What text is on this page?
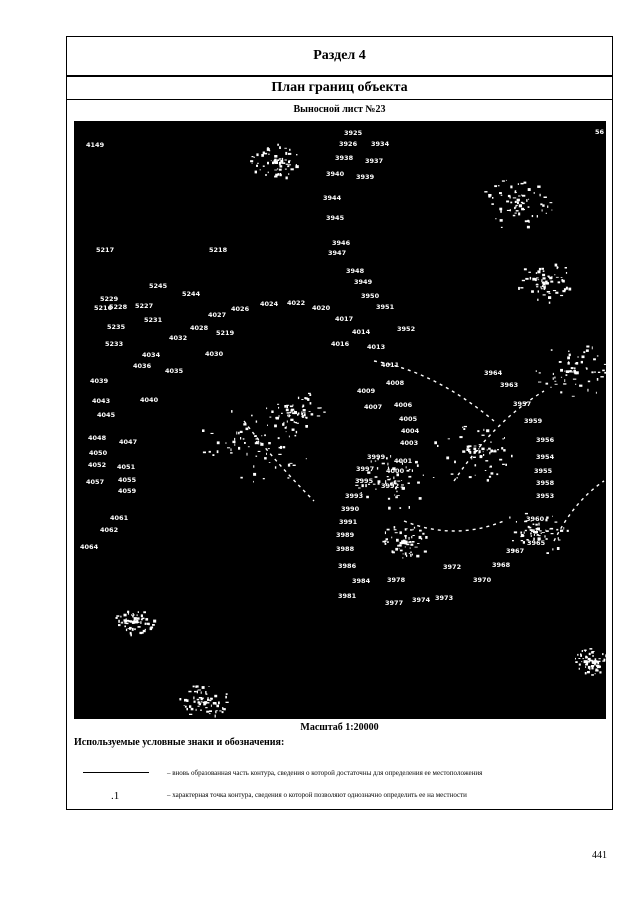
Раздел 4
План границ объекта
Выносной лист №23
4149
56
3925
3926 3934
3938 3937
3940 3939
3944
3945
3946
3947
3948
3949
3950
3951
3952
5217	5218
5245
5244
5229
5216	5227
5228
5231
4027
4026
4024 4022
4020
4017
5235	4028
5219	4014
5233
4032
4016	4013
4034	4030
4036
4035
4011
4039	4008
4009
4043	4040
4007 4006
4045	4005
4004
4048 4047	4003
4050
4052 4051
4055
4057
4059
4061
4062
4064
3999
3997
4001
4000
3995
3992
3993
3990
3991
3989
3988
3986
3984	3978
3981
3977 3974 3973
3972
3970
3968
3967
3965
3960
3964
3963
3957
3959
3956
3954
3955
3958
3953
Масштаб 1:20000
Используемые условные знаки и обозначения:
– вновь образованная часть контура, сведения о которой достаточны для определения ее местоположения
.1	– характерная точка контура, сведения о которой позволяют однозначно определить ее на местности
441
